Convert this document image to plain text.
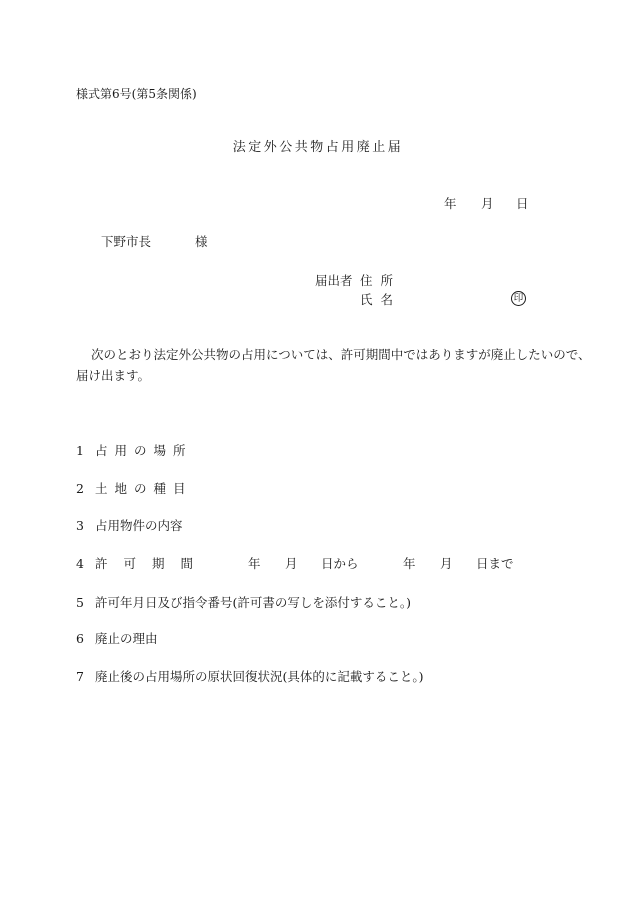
様式第6号(第5条関係)
法定外公共物占用廃止届
年 月 日
下野市長	様
届出者 住所
氏名	印
次のとおり法定外公共物の占用については、許可期間中ではありますが廃止したいので、
届け出ます。
1 占用の場所
2 土地の種目
3 占用物件の内容
4 許可期間	年 月 日から	年 月 日まで
5 許可年月日及び指令番号(許可書の写しを添付すること。)
6 廃止の理由
7 廃止後の占用場所の原状回復状況(具体的に記載すること。)
